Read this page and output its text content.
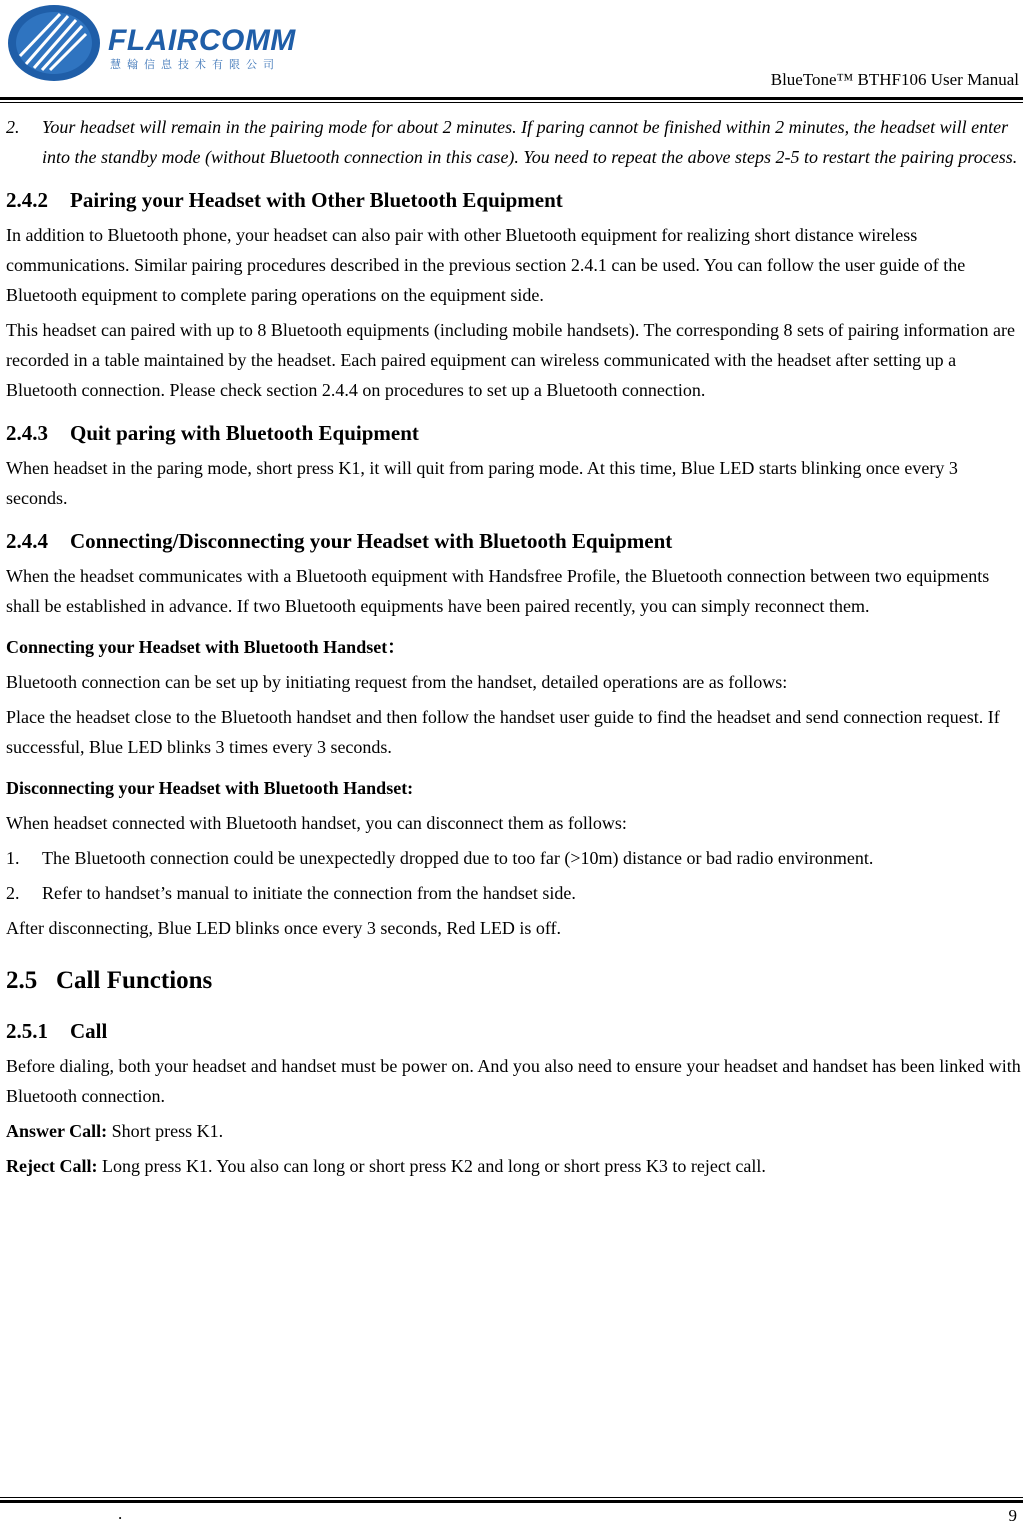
FLAIRCOMM
慧翰信息技术有限公司
BlueTone™ BTHF106 User Manual
2. Your headset will remain in the pairing mode for about 2 minutes. If paring cannot be finished within 2 minutes, the headset will enter into the standby mode (without Bluetooth connection in this case). You need to repeat the above steps 2-5 to restart the pairing process.
2.4.2 Pairing your Headset with Other Bluetooth Equipment

In addition to Bluetooth phone, your headset can also pair with other Bluetooth equipment for realizing short distance wireless communications. Similar pairing procedures described in the previous section 2.4.1 can be used. You can follow the user guide of the Bluetooth equipment to complete paring operations on the equipment side.

This headset can paired with up to 8 Bluetooth equipments (including mobile handsets). The corresponding 8 sets of pairing information are recorded in a table maintained by the headset. Each paired equipment can wireless communicated with the headset after setting up a Bluetooth connection. Please check section 2.4.4 on procedures to set up a Bluetooth connection.

2.4.3 Quit paring with Bluetooth Equipment

When headset in the paring mode, short press K1, it will quit from paring mode. At this time, Blue LED starts blinking once every 3 seconds.

2.4.4 Connecting/Disconnecting your Headset with Bluetooth Equipment

When the headset communicates with a Bluetooth equipment with Handsfree Profile, the Bluetooth connection between two equipments shall be established in advance. If two Bluetooth equipments have been paired recently, you can simply reconnect them.

Connecting your Headset with Bluetooth Handset：

Bluetooth connection can be set up by initiating request from the handset, detailed operations are as follows:

Place the headset close to the Bluetooth handset and then follow the handset user guide to find the headset and send connection request. If successful, Blue LED blinks 3 times every 3 seconds.

Disconnecting your Headset with Bluetooth Handset:

When headset connected with Bluetooth handset, you can disconnect them as follows:

1. The Bluetooth connection could be unexpectedly dropped due to too far (>10m) distance or bad radio environment.
2. Refer to handset’s manual to initiate the connection from the handset side.

After disconnecting, Blue LED blinks once every 3 seconds, Red LED is off.

2.5 Call Functions
2.5.1 Call

Before dialing, both your headset and handset must be power on. And you also need to ensure your headset and handset has been linked with Bluetooth connection.

Answer Call: Short press K1.

Reject Call: Long press K1. You also can long or short press K2 and long or short press K3 to reject call.

.	9
